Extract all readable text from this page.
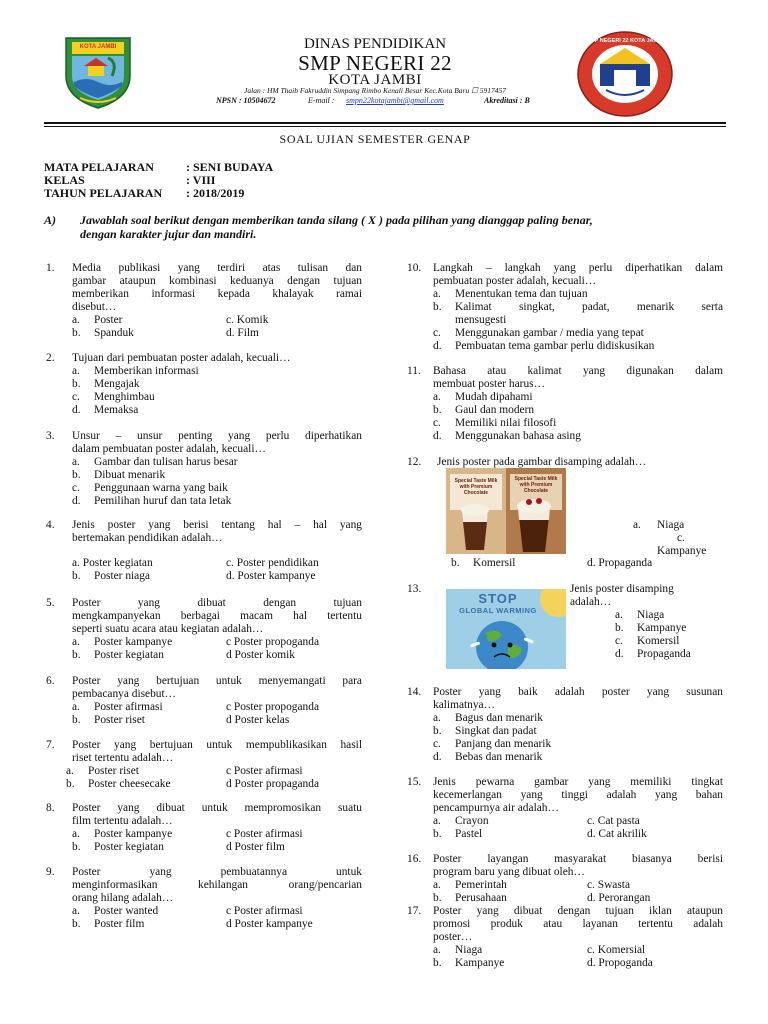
KOTA JAMBI
SMP NEGERI 22 KOTA JAMBI
DINAS PENDIDIKAN
SMP NEGERI 22
KOTA JAMBI
Jalan : HM Thaib Fakruddin Simpang Rimbo Kenali Besar Kec.Kota Baru ☐ 5917457
NPSN : 10504672	E-mail : smpn22kotajambi@gmail.com	Akreditasi : B
SOAL UJIAN SEMESTER GENAP
MATA PELAJARAN	: SENI BUDAYA
KELAS	: VIII
TAHUN PELAJARAN : 2018/2019
A) Jawablah soal berikut dengan memberikan tanda silang ( X ) pada pilihan yang dianggap paling benar,
dengan karakter jujur dan mandiri.
1. Media publikasi yang terdiri atas tulisan dan
gambar ataupun kombinasi keduanya dengan tujuan
memberikan informasi kepada khalayak ramai
disebut…
a. Poster
b. Spanduk
c. Komik
d. Film
2. Tujuan dari pembuatan poster adalah, kecuali…
a. Memberikan informasi
b. Mengajak
c. Menghimbau
d. Memaksa
3. Unsur – unsur penting yang perlu diperhatikan
dalam pembuatan poster adalah, kecuali…
a. Gambar dan tulisan harus besar
b. Dibuat menarik
c. Penggunaan warna yang baik
d. Pemilihan huruf dan tata letak
4. Jenis poster yang berisi tentang hal – hal yang
bertemakan pendidikan adalah…
a. Poster kegiatan
b. Poster niaga
c. Poster pendidikan
d. Poster kampanye
5. Poster	yang	dibuat	dengan	tujuan
mengkampanyekan berbagai macam hal tertentu
seperti suatu acara atau kegiatan adalah…
a. Poster kampanye
b. Poster kegiatan
c Poster propoganda
d Poster komik
6. Poster yang bertujuan untuk menyemangati para
pembacanya disebut…
a. Poster afirmasi
b. Poster riset
c Poster propoganda
d Poster kelas
7. Poster yang bertujuan untuk mempublikasikan hasil
riset tertentu adalah…
a. Poster riset
b. Poster cheesecake
c Poster afirmasi
d Poster propaganda
8. Poster yang dibuat untuk mempromosikan suatu
film tertentu adalah…
a. Poster kampanye
b. Poster kegiatan
c Poster afirmasi
d Poster film
9. Poster	yang	pembuatannya	untuk
menginformasikan kehilangan orang/pencarian
orang hilang adalah…
a. Poster wanted
b. Poster film
c Poster afirmasi
d Poster kampanye
10. Langkah – langkah yang perlu diperhatikan dalam
pembuatan poster adalah, kecuali…
a. Menentukan tema dan tujuan
b. Kalimat singkat, padat, menarik serta
mensugesti
c. Menggunakan gambar / media yang tepat
d. Pembuatan tema gambar perlu didiskusikan
11. Bahasa atau kalimat yang digunakan dalam
membuat poster harus…
a. Mudah dipahami
b. Gaul dan modern
c. Memiliki nilai filosofi
d. Menggunakan bahasa asing
12. Jenis poster pada gambar disamping adalah…
Special Taste Milk with Premium Chocolate
Special Taste Milk with Premium Chocolate
a. Niaga
c.
Kampanye
b. Komersil	d. Propaganda
13.
STOP
GLOBAL WARMING
Jenis poster disamping
adalah…
a. Niaga
b. Kampanye
c. Komersil
d. Propaganda
14. Poster yang baik adalah poster yang susunan
kalimatnya…
a. Bagus dan menarik
b. Singkat dan padat
c. Panjang dan menarik
d. Bebas dan menarik
15. Jenis pewarna gambar yang memiliki tingkat
kecemerlangan yang tinggi adalah yang bahan
pencampurnya air adalah…
a. Crayon
b. Pastel
c. Cat pasta
d. Cat akrilik
16. Poster layangan masyarakat biasanya berisi
program baru yang dibuat oleh…
a. Pemerintah
b. Perusahaan
c. Swasta
d. Perorangan
17. Poster yang dibuat dengan tujuan iklan ataupun
promosi produk atau layanan tertentu adalah
poster…
a. Niaga
b. Kampanye
c. Komersial
d. Propoganda
